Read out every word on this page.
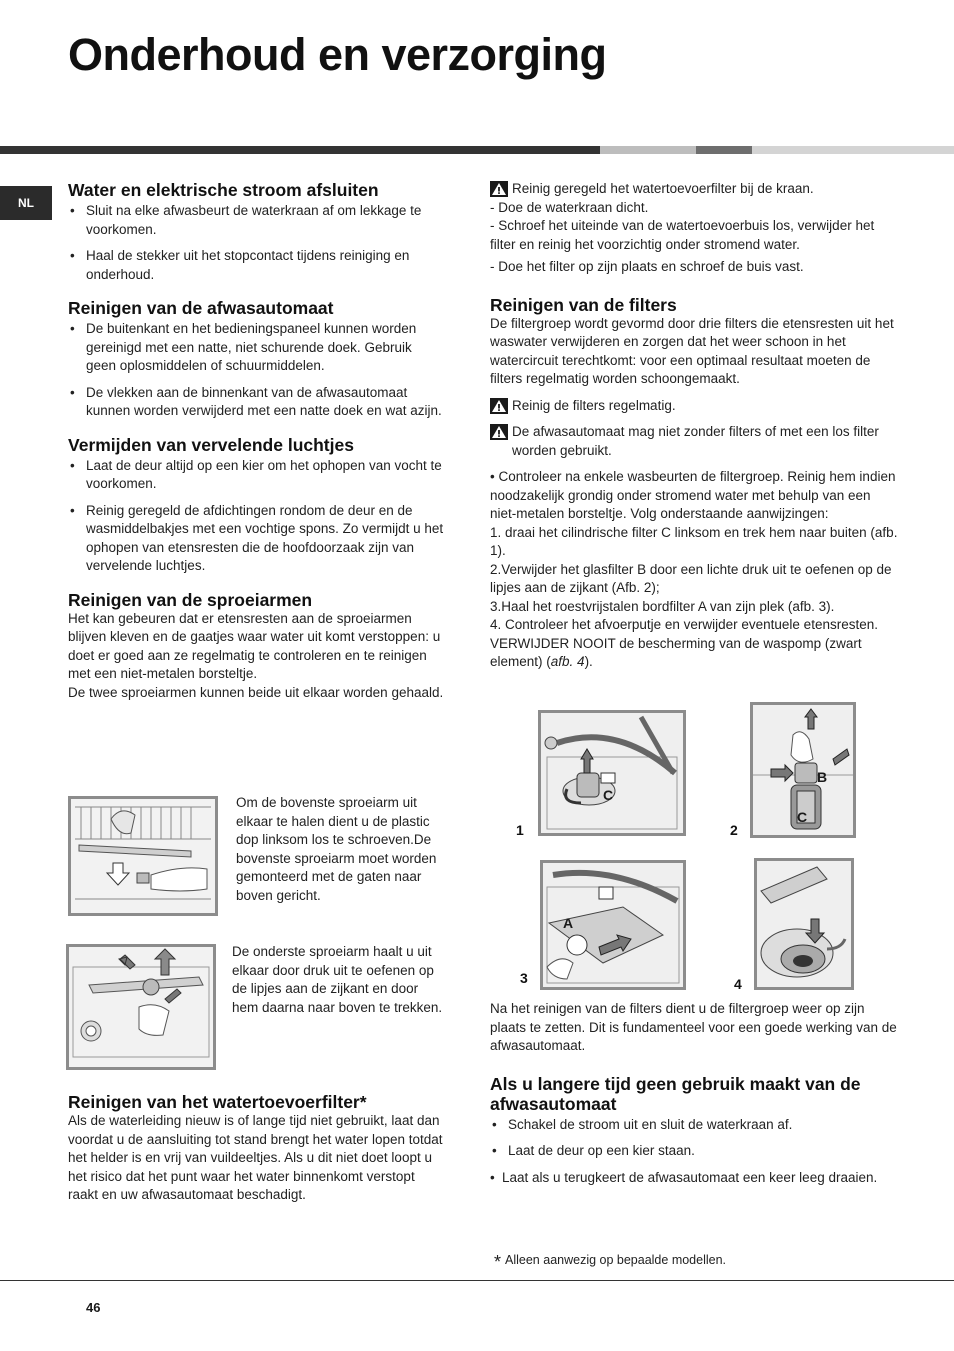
Onderhoud en verzorging
NL
Water en elektrische stroom afsluiten
• Sluit na elke afwasbeurt de waterkraan af om lekkage te voorkomen.
• Haal de stekker uit het stopcontact tijdens reiniging en onderhoud.
Reinigen van de afwasautomaat
• De buitenkant en het bedieningspaneel kunnen worden gereinigd met een natte, niet schurende doek. Gebruik geen oplosmiddelen of schuurmiddelen.
• De vlekken aan de binnenkant van de afwasautomaat kunnen worden verwijderd met een natte doek en wat azijn.
Vermijden van vervelende luchtjes
• Laat de deur altijd op een kier om het ophopen van vocht te voorkomen.
• Reinig geregeld de afdichtingen rondom de deur en de wasmiddelbakjes met een vochtige spons. Zo vermijdt u het ophopen van etensresten die de hoofdoorzaak zijn van vervelende luchtjes.
Reinigen van de sproeiarmen
Het kan gebeuren dat er etensresten aan de sproeiarmen blijven kleven en de gaatjes waar water uit komt verstoppen: u doet er goed aan ze regelmatig te controleren en te reinigen met een niet-metalen borsteltje.
De twee sproeiarmen kunnen beide uit elkaar worden gehaald.
Om de bovenste sproeiarm uit elkaar te halen dient u de plastic dop linksom los te schroeven.De bovenste sproeiarm moet worden gemonteerd met de gaten naar boven gericht.
De onderste sproeiarm haalt u uit elkaar door druk uit te oefenen op de lipjes aan de zijkant en door hem daarna naar boven te trekken.
Reinigen van het watertoevoerfilter*
Als de waterleiding nieuw is of lange tijd niet gebruikt, laat dan voordat u de aansluiting tot stand brengt het water lopen totdat het helder is en vrij van vuildeeltjes. Als u dit niet doet loopt u het risico dat het punt waar het water binnenkomt verstopt raakt en uw afwasautomaat beschadigt.
Reinig geregeld het watertoevoerfilter bij de kraan.
- Doe de waterkraan dicht.
- Schroef het uiteinde van de watertoevoerbuis los, verwijder het filter en reinig het voorzichtig onder stromend water.
- Doe het filter op zijn plaats en schroef de buis vast.
Reinigen van de filters
De filtergroep wordt gevormd door drie filters die etensresten uit het waswater verwijderen en zorgen dat het weer schoon in het watercircuit terechtkomt: voor een optimaal resultaat moeten de filters regelmatig worden schoongemaakt.
Reinig de filters regelmatig.
De afwasautomaat mag niet zonder filters of met een los filter worden gebruikt.
• Controleer na enkele wasbeurten de filtergroep. Reinig hem indien noodzakelijk grondig onder stromend water met behulp van een niet-metalen borsteltje. Volg onderstaande aanwijzingen:
1. draai het cilindrische filter C linksom en trek hem naar buiten (afb. 1).
2.Verwijder het glasfilter B door een lichte druk uit te oefenen op de lipjes aan de zijkant (Afb. 2);
3.Haal het roestvrijstalen bordfilter A van zijn plek (afb. 3).
4. Controleer het afvoerputje en verwijder eventuele etensresten. VERWIJDER NOOIT de bescherming van de waspomp (zwart element) (afb. 4).
C
1
B
C
2
A
3	4
Na het reinigen van de filters dient u de filtergroep weer op zijn plaats te zetten. Dit is fundamenteel voor een goede werking van de afwasautomaat.
Als u langere tijd geen gebruik maakt van de afwasautomaat
• Schakel de stroom uit en sluit de waterkraan af.
• Laat de deur op een kier staan.
• Laat als u terugkeert de afwasautomaat een keer leeg draaien.
* Alleen aanwezig op bepaalde modellen.
46
